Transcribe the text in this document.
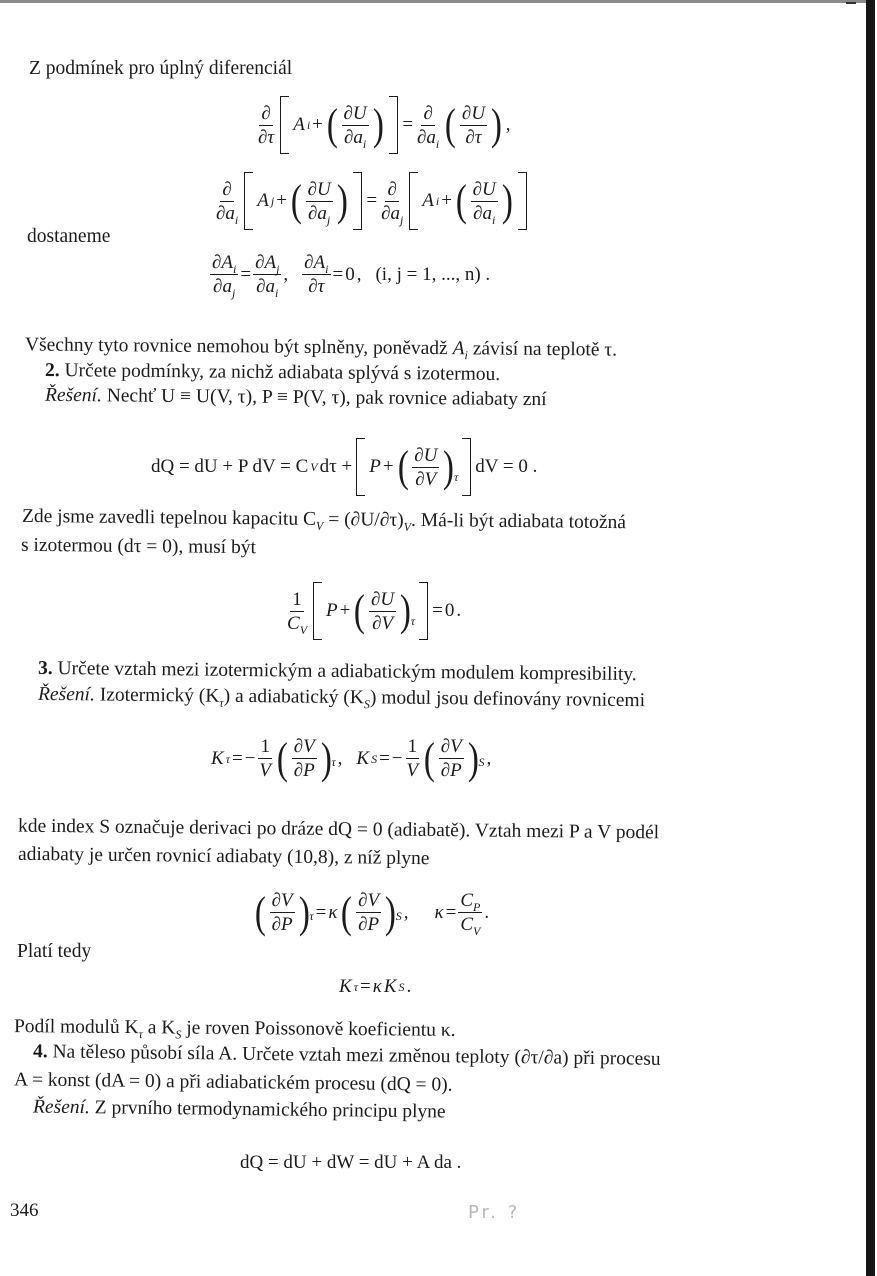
Z podmínek pro úplný diferenciál
∂
∂τ
A i + ( ∂U
$\partial a_i$ ) =
∂
$\partial a_i$ ( ∂U
∂τ ) ,
∂
$\partial a_i$
A j + ( ∂U
$\partial a_j$ ) =
∂
$\partial a_j$
A i + ( ∂U
$\partial a_i$ )
dostaneme
$\frac{\partial A_i}{\partial a_j} = \frac{\partial A_j}{\partial a_i}$ , $\frac{\partial A_i}{\partial\tau} = 0$ , (i, j = 1, ..., n) .
Všechny tyto rovnice nemohou být splněny, poněvadž $A_i$ závisí na teplotě τ.
2. Určete podmínky, za nichž adiabata splývá s izotermou.
Řešení. Nechť U ≡ U(V, τ), P ≡ P(V, τ), pak rovnice adiabaty zní
dQ = dU + P dV = C V dτ + P + ( ∂U
∂V ) τ dV = 0 .
Zde jsme zavedli tepelnou kapacitu $C_V = (\partial U/\partial\tau)_V$. Má-li být adiabata totožná
s izotermou (dτ = 0), musí být
1
$C_V$
P + ( ∂U
∂V ) τ = 0 .
3. Určete vztah mezi izotermickým a adiabatickým modulem kompresibility.
Řešení. Izotermický $(K_\tau)$ a adiabatický $(K_S)$ modul jsou definovány rovnicemi
K τ = − $\frac{1}{V}$ ( ∂V
∂P ) τ , K S = − $\frac{1}{V}$ ( ∂V
∂P ) S ,
kde index S označuje derivaci po dráze dQ = 0 (adiabatě). Vztah mezi P a V podél
adiabaty je určen rovnicí adiabaty (10,8), z níž plyne
( ∂V
∂P ) τ = κ ( ∂V
∂P ) S , $\kappa = \frac{C_P}{C_V}$ .
Platí tedy
K τ = κ K S .
Podíl modulů $K_\tau$ a $K_S$ je roven Poissonově koeficientu κ.
4. Na těleso působí síla A. Určete vztah mezi změnou teploty (∂τ/∂a) při procesu
A = konst (dA = 0) a při adiabatickém procesu (dQ = 0).
Řešení. Z prvního termodynamického principu plyne
dQ = dU + dW = dU + A da .
346	Pr. ?
